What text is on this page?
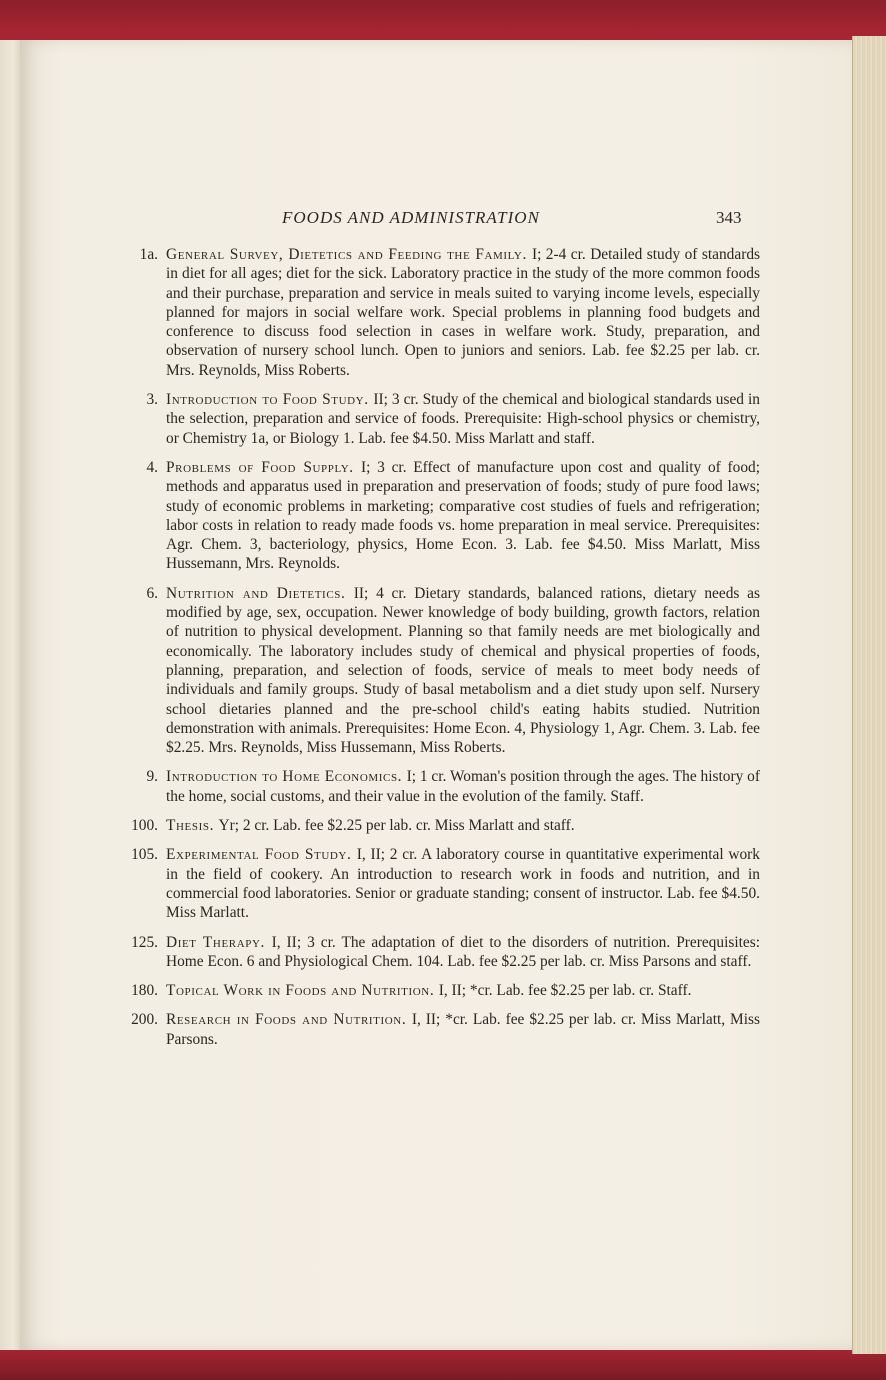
FOODS AND ADMINISTRATION	343
1a. General Survey, Dietetics and Feeding the Family. I; 2-4 cr. Detailed study of standards in diet for all ages; diet for the sick. Laboratory practice in the study of the more common foods and their purchase, preparation and service in meals suited to varying income levels, especially planned for majors in social welfare work. Special problems in planning food budgets and conference to discuss food selection in cases in welfare work. Study, preparation, and observation of nursery school lunch. Open to juniors and seniors. Lab. fee $2.25 per lab. cr. Mrs. Reynolds, Miss Roberts.
3. Introduction to Food Study. II; 3 cr. Study of the chemical and biological standards used in the selection, preparation and service of foods. Prerequisite: High-school physics or chemistry, or Chemistry 1a, or Biology 1. Lab. fee $4.50. Miss Marlatt and staff.
4. Problems of Food Supply. I; 3 cr. Effect of manufacture upon cost and quality of food; methods and apparatus used in preparation and preservation of foods; study of pure food laws; study of economic problems in marketing; comparative cost studies of fuels and refrigeration; labor costs in relation to ready made foods vs. home preparation in meal service. Prerequisites: Agr. Chem. 3, bacteriology, physics, Home Econ. 3. Lab. fee $4.50. Miss Marlatt, Miss Hussemann, Mrs. Reynolds.
6. Nutrition and Dietetics. II; 4 cr. Dietary standards, balanced rations, dietary needs as modified by age, sex, occupation. Newer knowledge of body building, growth factors, relation of nutrition to physical development. Planning so that family needs are met biologically and economically. The laboratory includes study of chemical and physical properties of foods, planning, preparation, and selection of foods, service of meals to meet body needs of individuals and family groups. Study of basal metabolism and a diet study upon self. Nursery school dietaries planned and the pre-school child's eating habits studied. Nutrition demonstration with animals. Prerequisites: Home Econ. 4, Physiology 1, Agr. Chem. 3. Lab. fee $2.25. Mrs. Reynolds, Miss Hussemann, Miss Roberts.
9. Introduction to Home Economics. I; 1 cr. Woman's position through the ages. The history of the home, social customs, and their value in the evolution of the family. Staff.
100. Thesis. Yr; 2 cr. Lab. fee $2.25 per lab. cr. Miss Marlatt and staff.
105. Experimental Food Study. I, II; 2 cr. A laboratory course in quantitative experimental work in the field of cookery. An introduction to research work in foods and nutrition, and in commercial food laboratories. Senior or graduate standing; consent of instructor. Lab. fee $4.50. Miss Marlatt.
125. Diet Therapy. I, II; 3 cr. The adaptation of diet to the disorders of nutrition. Prerequisites: Home Econ. 6 and Physiological Chem. 104. Lab. fee $2.25 per lab. cr. Miss Parsons and staff.
180. Topical Work in Foods and Nutrition. I, II; *cr. Lab. fee $2.25 per lab. cr. Staff.
200. Research in Foods and Nutrition. I, II; *cr. Lab. fee $2.25 per lab. cr. Miss Marlatt, Miss Parsons.
